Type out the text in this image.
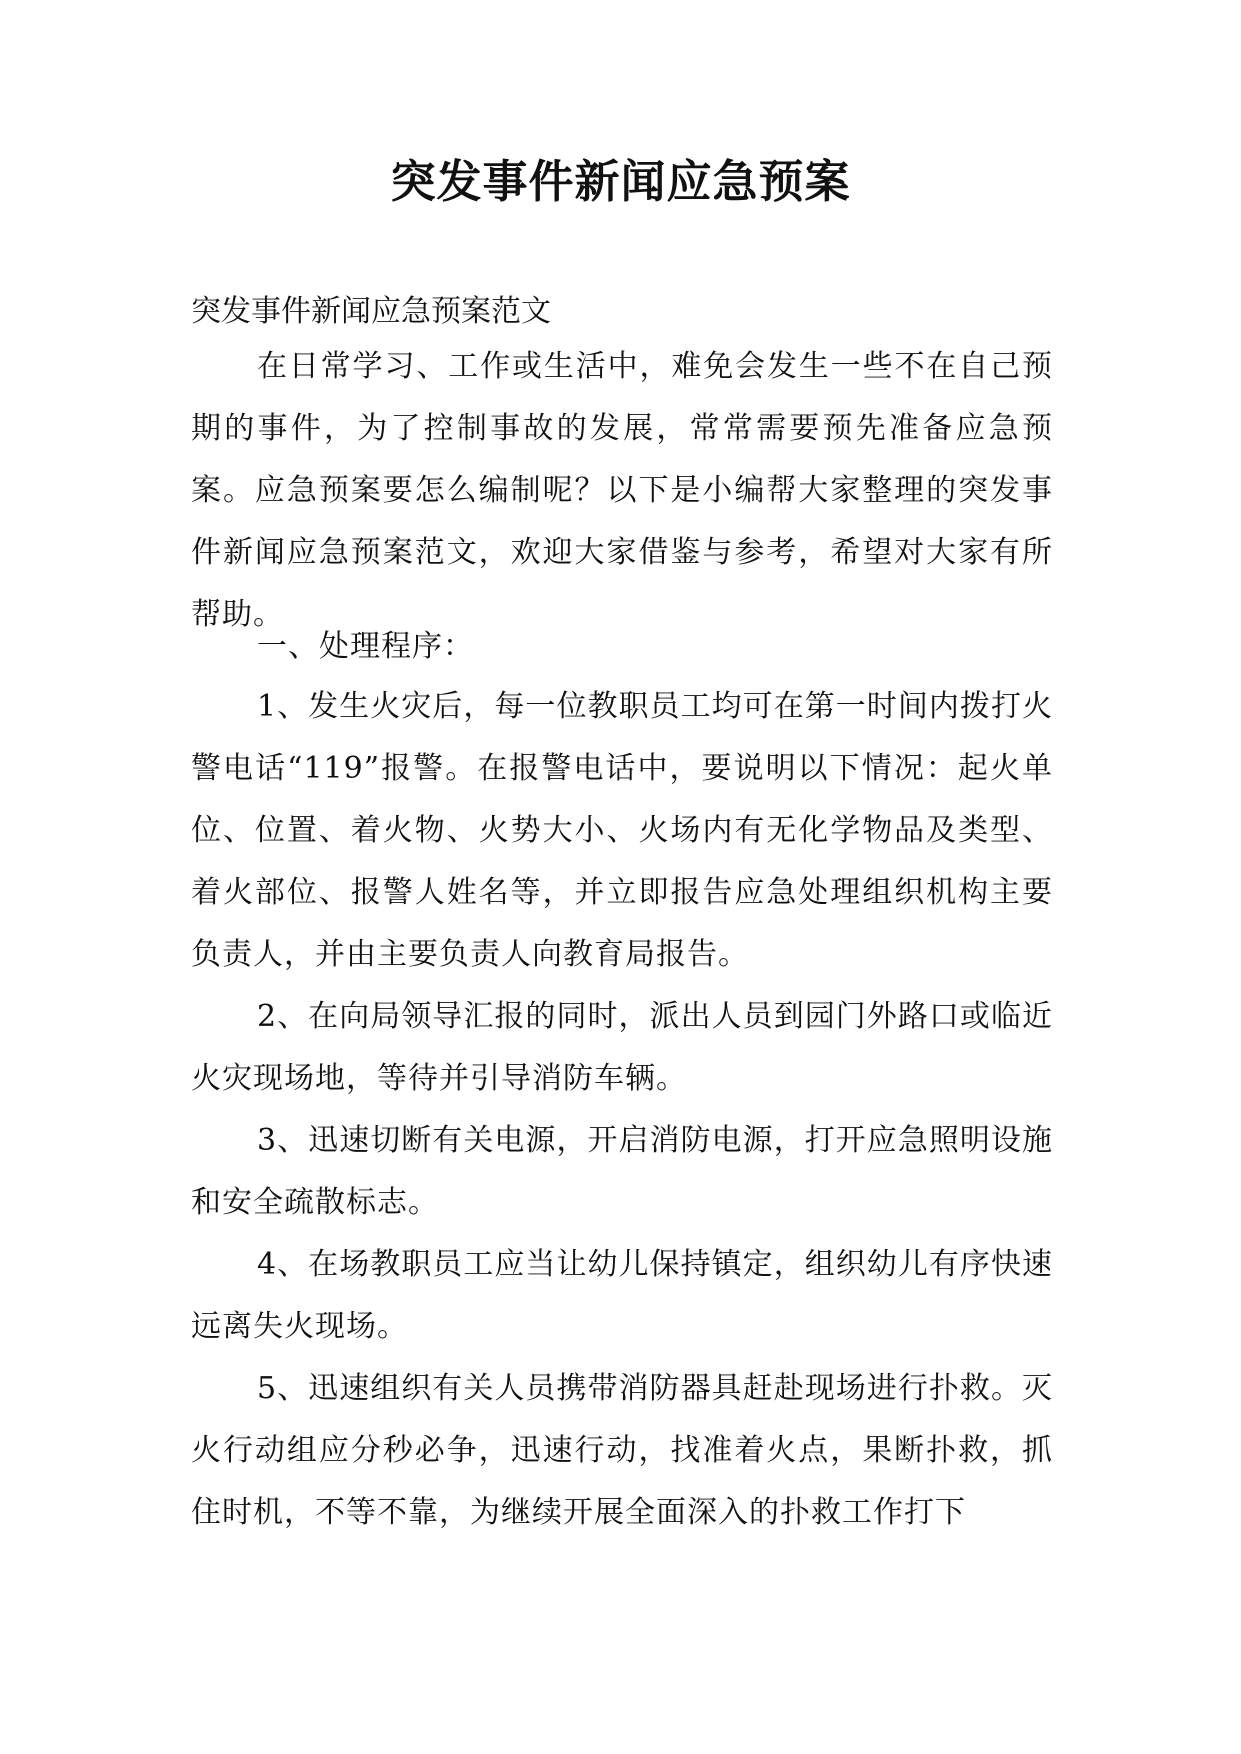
突发事件新闻应急预案

突发事件新闻应急预案范文

在日常学习、工作或生活中，难免会发生一些不在自己预期的事件，为了控制事故的发展，常常需要预先准备应急预案。应急预案要怎么编制呢？以下是小编帮大家整理的突发事件新闻应急预案范文，欢迎大家借鉴与参考，希望对大家有所帮助。

一、处理程序：

1、发生火灾后，每一位教职员工均可在第一时间内拨打火警电话“119”报警。在报警电话中，要说明以下情况：起火单位、位置、着火物、火势大小、火场内有无化学物品及类型、着火部位、报警人姓名等，并立即报告应急处理组织机构主要负责人，并由主要负责人向教育局报告。

2、在向局领导汇报的同时，派出人员到园门外路口或临近火灾现场地，等待并引导消防车辆。

3、迅速切断有关电源，开启消防电源，打开应急照明设施和安全疏散标志。

4、在场教职员工应当让幼儿保持镇定，组织幼儿有序快速远离失火现场。

5、迅速组织有关人员携带消防器具赶赴现场进行扑救。灭火行动组应分秒必争，迅速行动，找准着火点，果断扑救，抓住时机，不等不靠，为继续开展全面深入的扑救工作打下
